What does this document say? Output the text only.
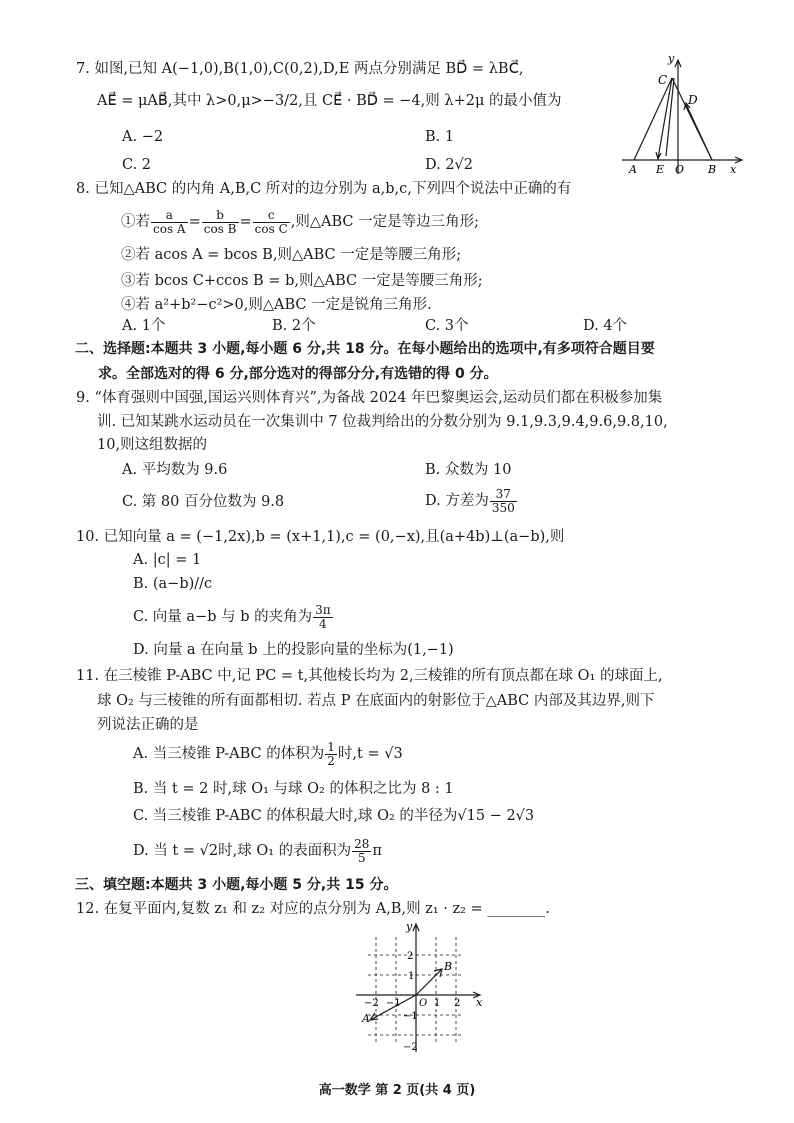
7. 如图,已知 A(−1,0),B(1,0),C(0,2),D,E 两点分别满足 BD⃗ = λBC⃗,
AE⃗ = μAB⃗,其中 λ>0,μ>−3/2,且 CE⃗ · BD⃗ = −4,则 λ+2μ 的最小值为
A. −2	B. 1
C. 2	D. 2√2
y
C
D
A E O B x
8. 已知△ABC 的内角 A,B,C 所对的边分别为 a,b,c,下列四个说法中正确的有
①若 $\frac{a}{\text{cos A}} = \frac{b}{\text{cos B}} = \frac{c}{\text{cos C}}$ ,则△ABC 一定是等边三角形;
②若 acos A = bcos B,则△ABC 一定是等腰三角形;
③若 bcos C+ccos B = b,则△ABC 一定是等腰三角形;
④若 a²+b²−c²>0,则△ABC 一定是锐角三角形.
A. 1个	B. 2个	C. 3个	D. 4个
二、选择题:本题共 3 小题,每小题 6 分,共 18 分。在每小题给出的选项中,有多项符合题目要
求。全部选对的得 6 分,部分选对的得部分分,有选错的得 0 分。
9. “体育强则中国强,国运兴则体育兴”,为备战 2024 年巴黎奥运会,运动员们都在积极参加集
训. 已知某跳水运动员在一次集训中 7 位裁判给出的分数分别为 9.1,9.3,9.4,9.6,9.8,10,
10,则这组数据的
A. 平均数为 9.6	B. 众数为 10
C. 第 80 百分位数为 9.8	D. 方差为 $\frac{37}{350}$
10. 已知向量 a = (−1,2x),b = (x+1,1),c = (0,−x),且(a+4b)⊥(a−b),则
A. |c| = 1
B. (a−b)//c
C. 向量 a−b 与 b 的夹角为 $\frac{3\pi}{4}$
D. 向量 a 在向量 b 上的投影向量的坐标为(1,−1)
11. 在三棱锥 P-ABC 中,记 PC = t,其他棱长均为 2,三棱锥的所有顶点都在球 O₁ 的球面上,
球 O₂ 与三棱锥的所有面都相切. 若点 P 在底面内的射影位于△ABC 内部及其边界,则下
列说法正确的是
A. 当三棱锥 P-ABC 的体积为 $\frac{1}{2}$ 时,t = √3
B. 当 t = 2 时,球 O₁ 与球 O₂ 的体积之比为 8 : 1
C. 当三棱锥 P-ABC 的体积最大时,球 O₂ 的半径为√15 − 2√3
D. 当 t = √2时,球 O₁ 的表面积为 $\frac{28}{5}$ π
三、填空题:本题共 3 小题,每小题 5 分,共 15 分。
12. 在复平面内,复数 z₁ 和 z₂ 对应的点分别为 A,B,则 z₁ · z₂ = ________.
y
2
1
B
−2 −1 O 1 2 x
A	−1
−2
高一数学 第 2 页(共 4 页)
